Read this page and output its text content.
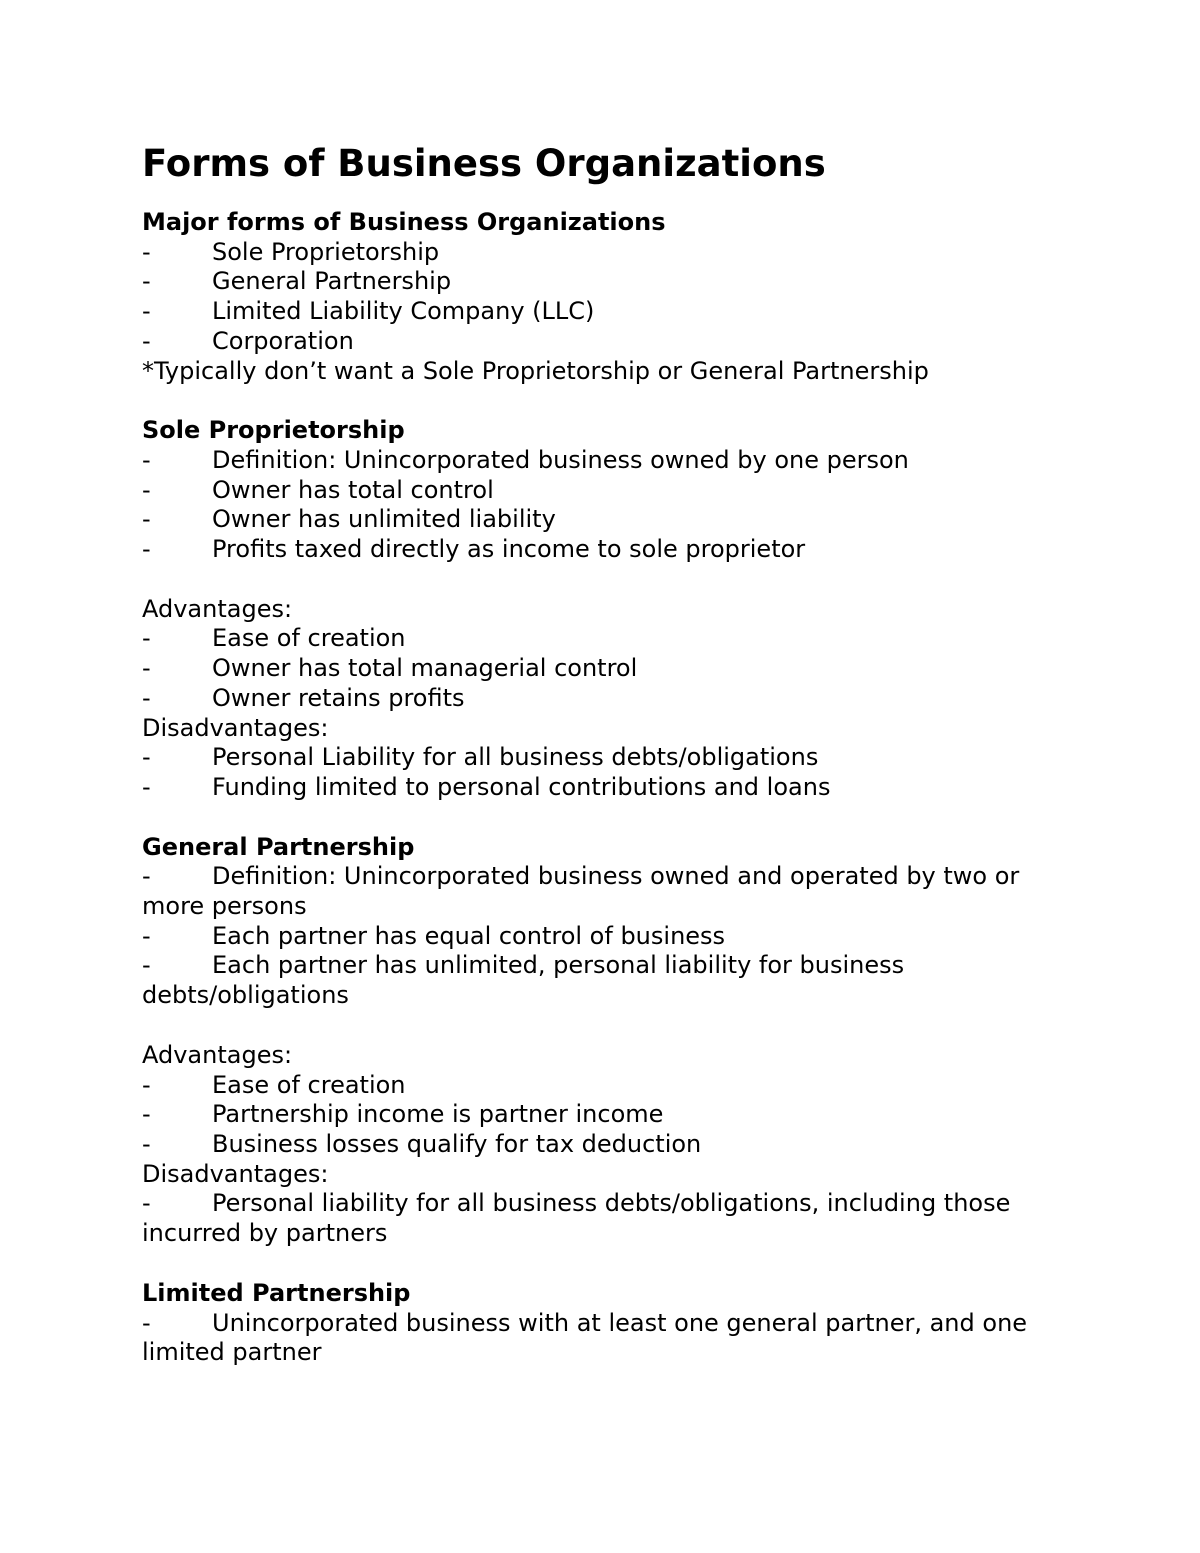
Forms of Business Organizations
Major forms of Business Organizations
-	Sole Proprietorship
-	General Partnership
-	Limited Liability Company (LLC)
-	Corporation
*Typically don’t want a Sole Proprietorship or General Partnership
Sole Proprietorship
-	Definition: Unincorporated business owned by one person
-	Owner has total control
-	Owner has unlimited liability
-	Profits taxed directly as income to sole proprietor
Advantages:
-	Ease of creation
-	Owner has total managerial control
-	Owner retains profits
Disadvantages:
-	Personal Liability for all business debts/obligations
-	Funding limited to personal contributions and loans
General Partnership
-	Definition: Unincorporated business owned and operated by two or more persons
-	Each partner has equal control of business
-	Each partner has unlimited, personal liability for business debts/obligations
Advantages:
-	Ease of creation
-	Partnership income is partner income
-	Business losses qualify for tax deduction
Disadvantages:
-	Personal liability for all business debts/obligations, including those incurred by partners
Limited Partnership
-	Unincorporated business with at least one general partner, and one limited partner
